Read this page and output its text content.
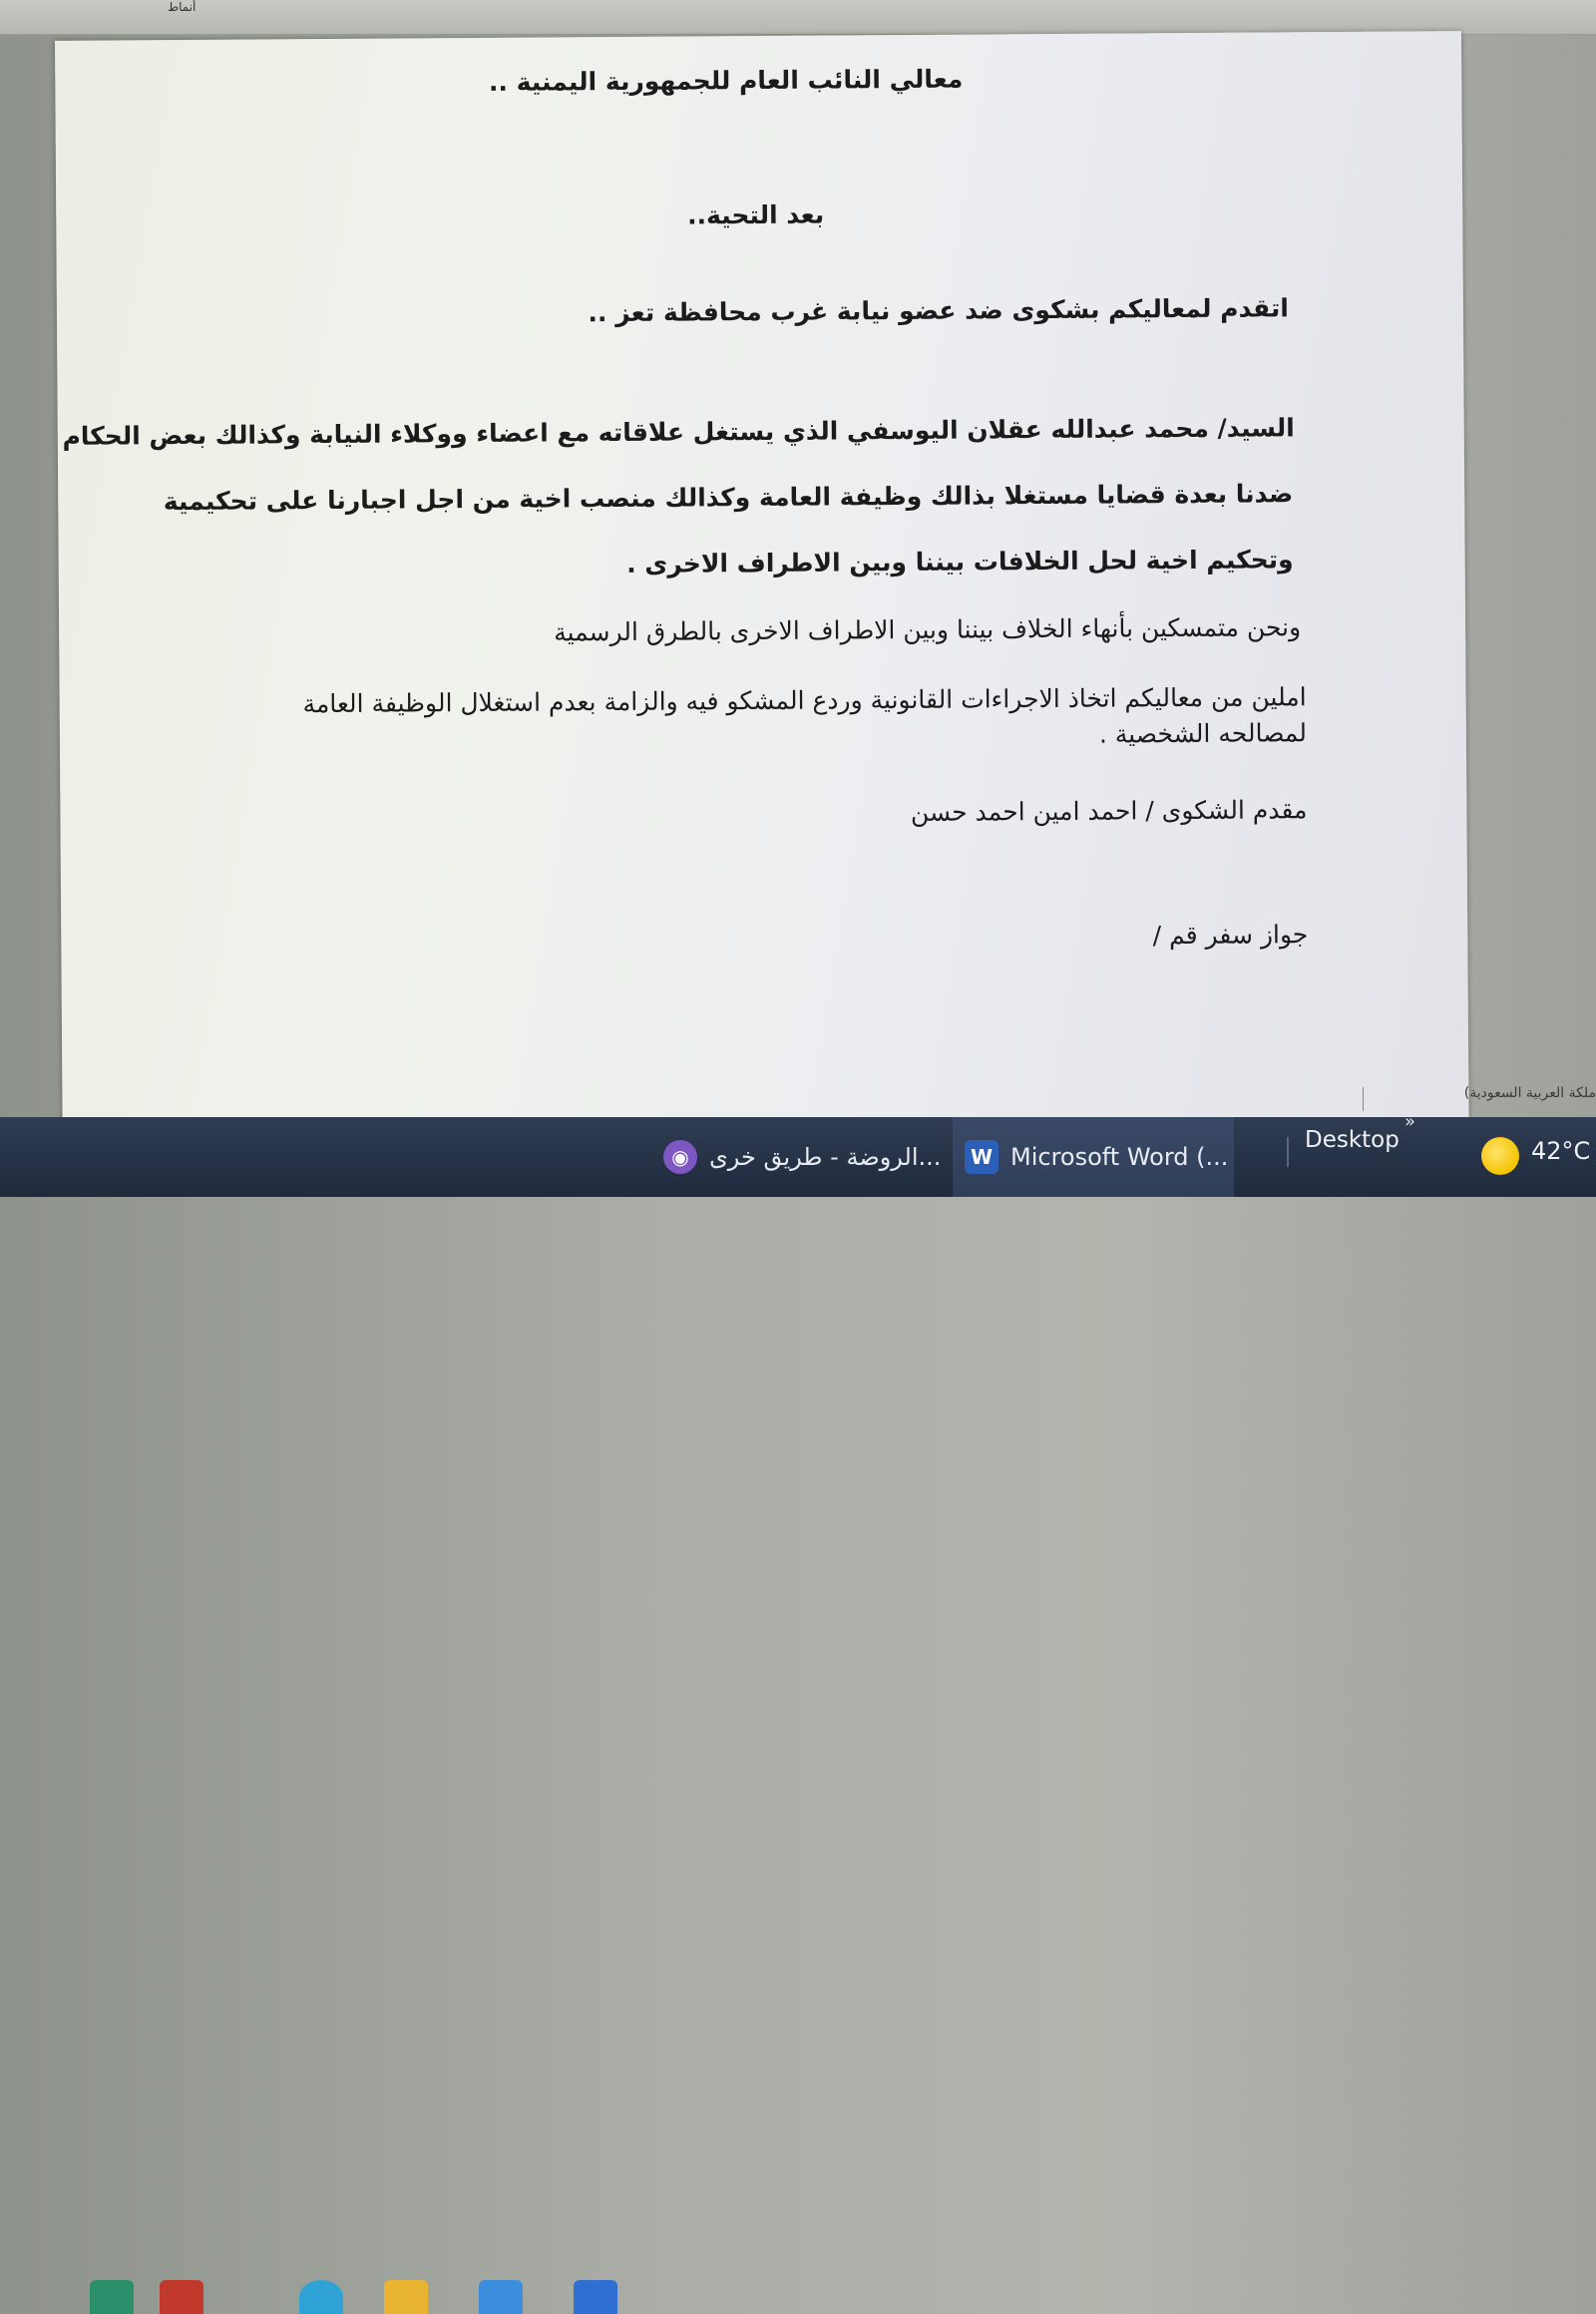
أنماط
معالي النائب العام للجمهورية اليمنية ..
بعد التحية..
اتقدم لمعاليكم بشكوى ضد عضو نيابة غرب محافظة تعز ..
السيد/ محمد عبدالله عقلان اليوسفي الذي يستغل علاقاته مع اعضاء ووكلاء النيابة وكذالك بعض الحكام
ضدنا بعدة قضايا مستغلا بذالك وظيفة العامة وكذالك منصب اخية من اجل اجبارنا على تحكيمية
وتحكيم اخية لحل الخلافات بيننا وبين الاطراف الاخرى .
ونحن متمسكين بأنهاء الخلاف بيننا وبين الاطراف الاخرى بالطرق الرسمية
املين من معاليكم اتخاذ الاجراءات القانونية وردع المشكو فيه والزامة بعدم استغلال الوظيفة العامة
لمصالحه الشخصية .
مقدم الشكوى / احمد امين احمد حسن
جواز سفر قم /
ملكة العربية السعودية)
◉ الروضة - طريق خرى... W Microsoft Word (...
Desktop
»
42°C
